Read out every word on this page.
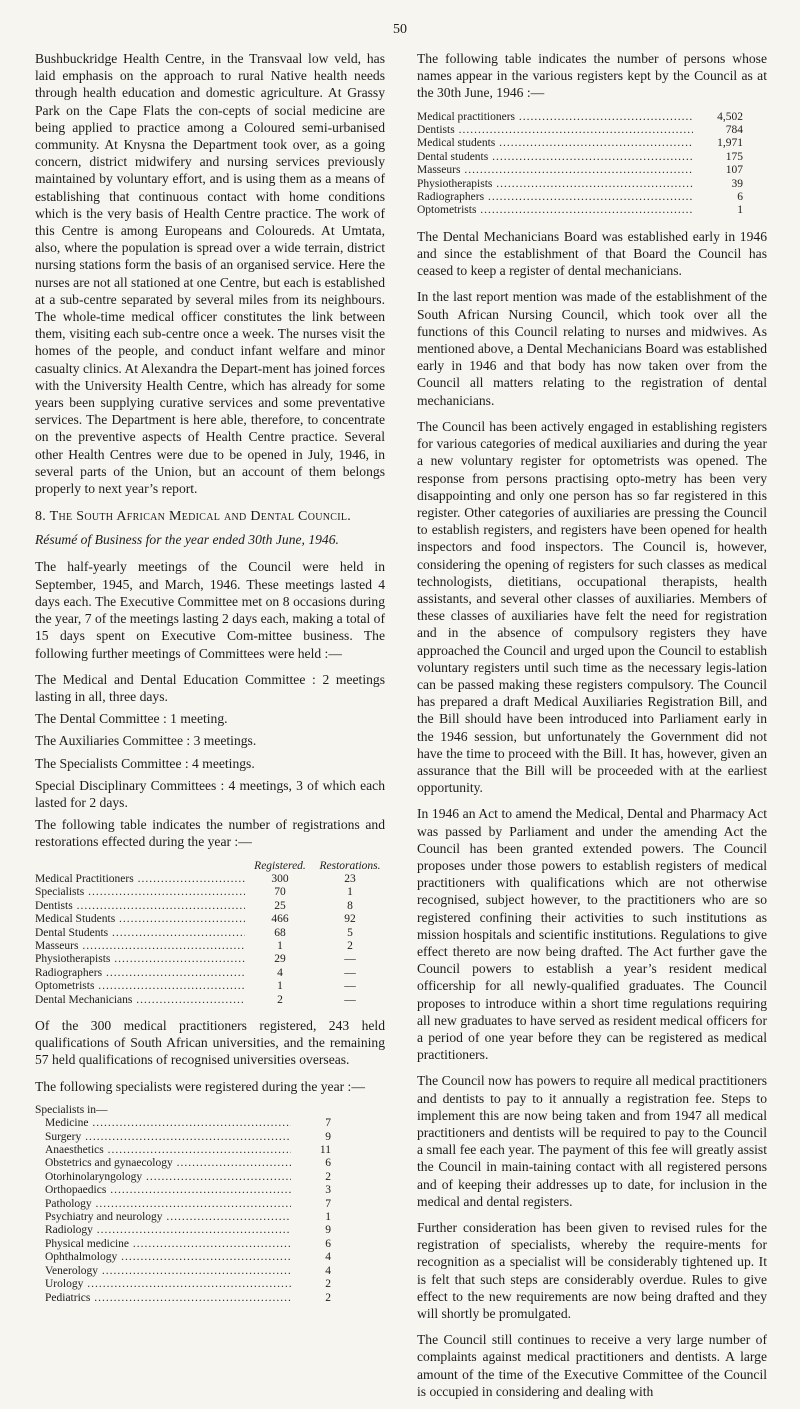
50

Bushbuckridge Health Centre, in the Transvaal low veld, has laid emphasis on the approach to rural Native health needs through health education and domestic agriculture. At Grassy Park on the Cape Flats the con-cepts of social medicine are being applied to practice among a Coloured semi-urbanised community. At Knysna the Department took over, as a going concern, district midwifery and nursing services previously maintained by voluntary effort, and is using them as a means of establishing that continuous contact with home conditions which is the very basis of Health Centre practice. The work of this Centre is among Europeans and Coloureds. At Umtata, also, where the population is spread over a wide terrain, district nursing stations form the basis of an organised service. Here the nurses are not all stationed at one Centre, but each is established at a sub-centre separated by several miles from its neighbours. The whole-time medical officer constitutes the link between them, visiting each sub-centre once a week. The nurses visit the homes of the people, and conduct infant welfare and minor casualty clinics. At Alexandra the Depart-ment has joined forces with the University Health Centre, which has already for some years been supplying curative services and some preventative services. The Department is here able, therefore, to concentrate on the preventive aspects of Health Centre practice. Several other Health Centres were due to be opened in July, 1946, in several parts of the Union, but an account of them belongs properly to next year’s report.

8. The South African Medical and Dental Council.

Résumé of Business for the year ended 30th June, 1946.

The half-yearly meetings of the Council were held in September, 1945, and March, 1946. These meetings lasted 4 days each. The Executive Committee met on 8 occasions during the year, 7 of the meetings lasting 2 days each, making a total of 15 days spent on Executive Com-mittee business. The following further meetings of Committees were held :—

The Medical and Dental Education Committee : 2 meetings lasting in all, three days.

The Dental Committee : 1 meeting.

The Auxiliaries Committee : 3 meetings.

The Specialists Committee : 4 meetings.

Special Disciplinary Committees : 4 meetings, 3 of which each lasted for 2 days.

The following table indicates the number of registrations and restorations effected during the year :—

	Registered.	Restorations.
Medical Practitioners .....	300	23
Specialists .....	70	1
Dentists .....	25	8
Medical Students .....	466	92
Dental Students .....	68	5
Masseurs .....	1	2
Physiotherapists .....	29	—
Radiographers .....	4	—
Optometrists .....	1	—
Dental Mechanicians .....	2	—

Of the 300 medical practitioners registered, 243 held qualifications of South African universities, and the remaining 57 held qualifications of recognised universities overseas.

The following specialists were registered during the year :—

Specialists in—
Medicine .....	7
Surgery .....	9
Anaesthetics .....	11
Obstetrics and gynaecology .....	6
Otorhinolaryngology .....	2
Orthopaedics .....	3
Pathology .....	7
Psychiatry and neurology .....	1
Radiology .....	9
Physical medicine .....	6
Ophthalmology .....	4
Venerology .....	4
Urology .....	2
Pediatrics .....	2

The following table indicates the number of persons whose names appear in the various registers kept by the Council as at the 30th June, 1946 :—

Medical practitioners .....	4,502
Dentists .....	784
Medical students .....	1,971
Dental students .....	175
Masseurs .....	107
Physiotherapists .....	39
Radiographers .....	6
Optometrists .....	1

The Dental Mechanicians Board was established early in 1946 and since the establishment of that Board the Council has ceased to keep a register of dental mechanicians.

In the last report mention was made of the establishment of the South African Nursing Council, which took over all the functions of this Council relating to nurses and midwives. As mentioned above, a Dental Mechanicians Board was established early in 1946 and that body has now taken over from the Council all matters relating to the registration of dental mechanicians.

The Council has been actively engaged in establishing registers for various categories of medical auxiliaries and during the year a new voluntary register for optometrists was opened. The response from persons practising opto-metry has been very disappointing and only one person has so far registered in this register. Other categories of auxiliaries are pressing the Council to establish registers, and registers have been opened for health inspectors and food inspectors. The Council is, however, considering the opening of registers for such classes as medical technologists, dietitians, occupational therapists, health assistants, and several other classes of auxiliaries. Members of these classes of auxiliaries have felt the need for registration and in the absence of compulsory registers they have approached the Council and urged upon the Council to establish voluntary registers until such time as the necessary legis-lation can be passed making these registers compulsory. The Council has prepared a draft Medical Auxiliaries Registration Bill, and the Bill should have been introduced into Parliament early in the 1946 session, but unfortunately the Government did not have the time to proceed with the Bill. It has, however, given an assurance that the Bill will be proceeded with at the earliest opportunity.

In 1946 an Act to amend the Medical, Dental and Pharmacy Act was passed by Parliament and under the amending Act the Council has been granted extended powers. The Council proposes under those powers to establish registers of medical practitioners with qualifications which are not otherwise recognised, subject however, to the practitioners who are so registered confining their activities to such institutions as mission hospitals and scientific institutions. Regulations to give effect thereto are now being drafted. The Act further gave the Council powers to establish a year’s resident medical officership for all newly-qualified graduates. The Council proposes to introduce within a short time regulations requiring all new graduates to have served as resident medical officers for a period of one year before they can be registered as medical practitioners.

The Council now has powers to require all medical practitioners and dentists to pay to it annually a registration fee. Steps to implement this are now being taken and from 1947 all medical practitioners and dentists will be required to pay to the Council a small fee each year. The payment of this fee will greatly assist the Council in main-taining contact with all registered persons and of keeping their addresses up to date, for inclusion in the medical and dental registers.

Further consideration has been given to revised rules for the registration of specialists, whereby the require-ments for recognition as a specialist will be considerably tightened up. It is felt that such steps are considerably overdue. Rules to give effect to the new requirements are now being drafted and they will shortly be promulgated.

The Council still continues to receive a very large number of complaints against medical practitioners and dentists. A large amount of the time of the Executive Committee of the Council is occupied in considering and dealing with
